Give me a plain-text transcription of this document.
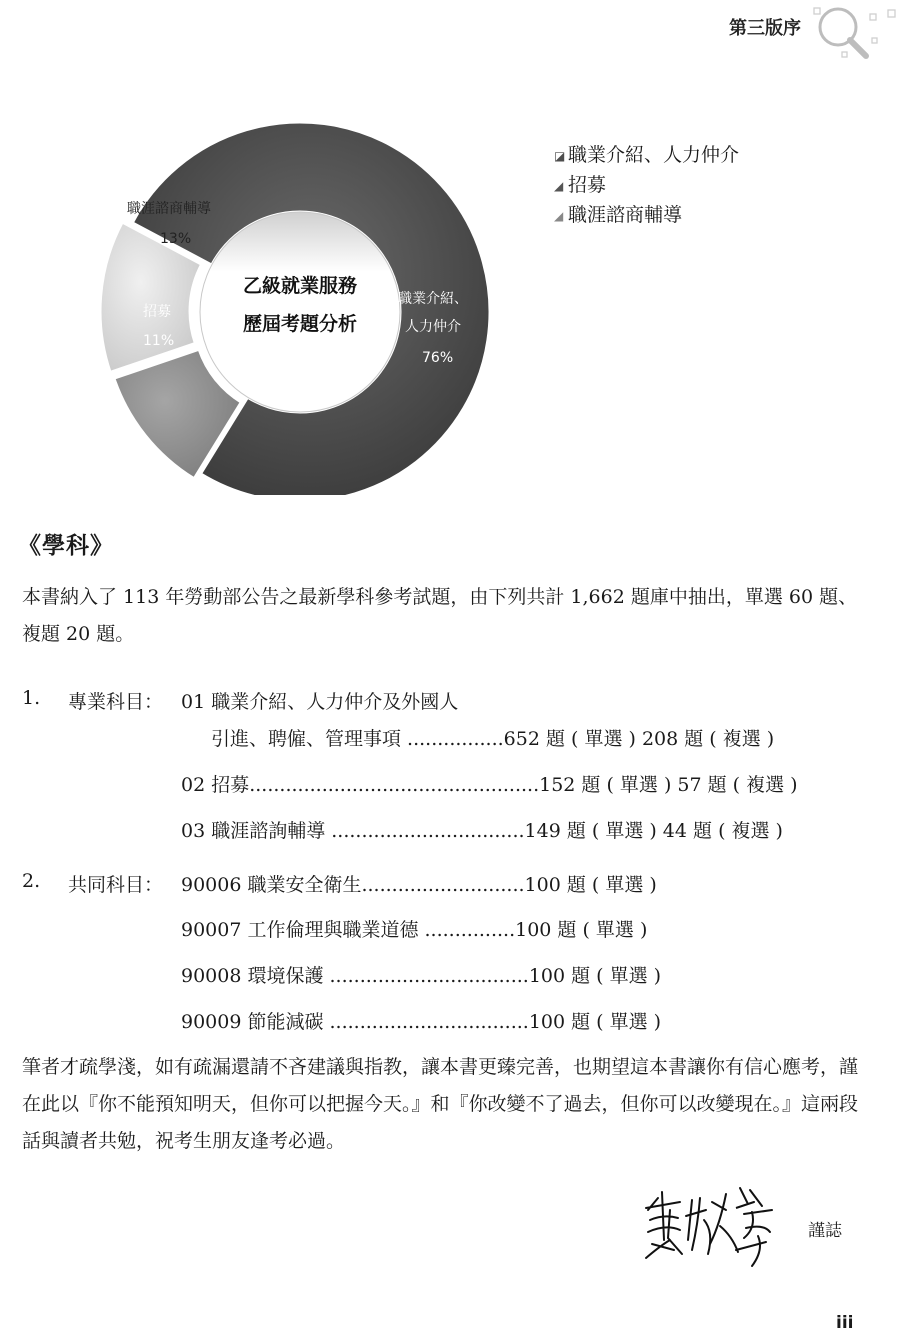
第三版序
乙級就業服務
歷屆考題分析
職業介紹、
人力仲介
76%
招募
11%
職涯諮商輔導
13%
◪ 職業介紹、人力仲介
◢ 招募
◢ 職涯諮商輔導
《學科》
本書納入了 113 年勞動部公告之最新學科參考試題，由下列共計 1,662 題庫中抽出，單選 60 題、複題 20 題。
1. 專業科目： 01 職業介紹、人力仲介及外國人
引進、聘僱、管理事項 ................652 題 ( 單選 ) 208 題 ( 複選 )
02 招募................................................152 題 ( 單選 ) 57 題 ( 複選 )
03 職涯諮詢輔導 ................................149 題 ( 單選 ) 44 題 ( 複選 )
2. 共同科目： 90006 職業安全衛生...........................100 題 ( 單選 )
90007 工作倫理與職業道德 ...............100 題 ( 單選 )
90008 環境保護 .................................100 題 ( 單選 )
90009 節能減碳 .................................100 題 ( 單選 )
筆者才疏學淺，如有疏漏還請不吝建議與指教，讓本書更臻完善，也期望這本書讓你有信心應考，謹在此以『你不能預知明天，但你可以把握今天。』和『你改變不了過去，但你可以改變現在。』這兩段話與讀者共勉，祝考生朋友逢考必過。
謹誌
iii
